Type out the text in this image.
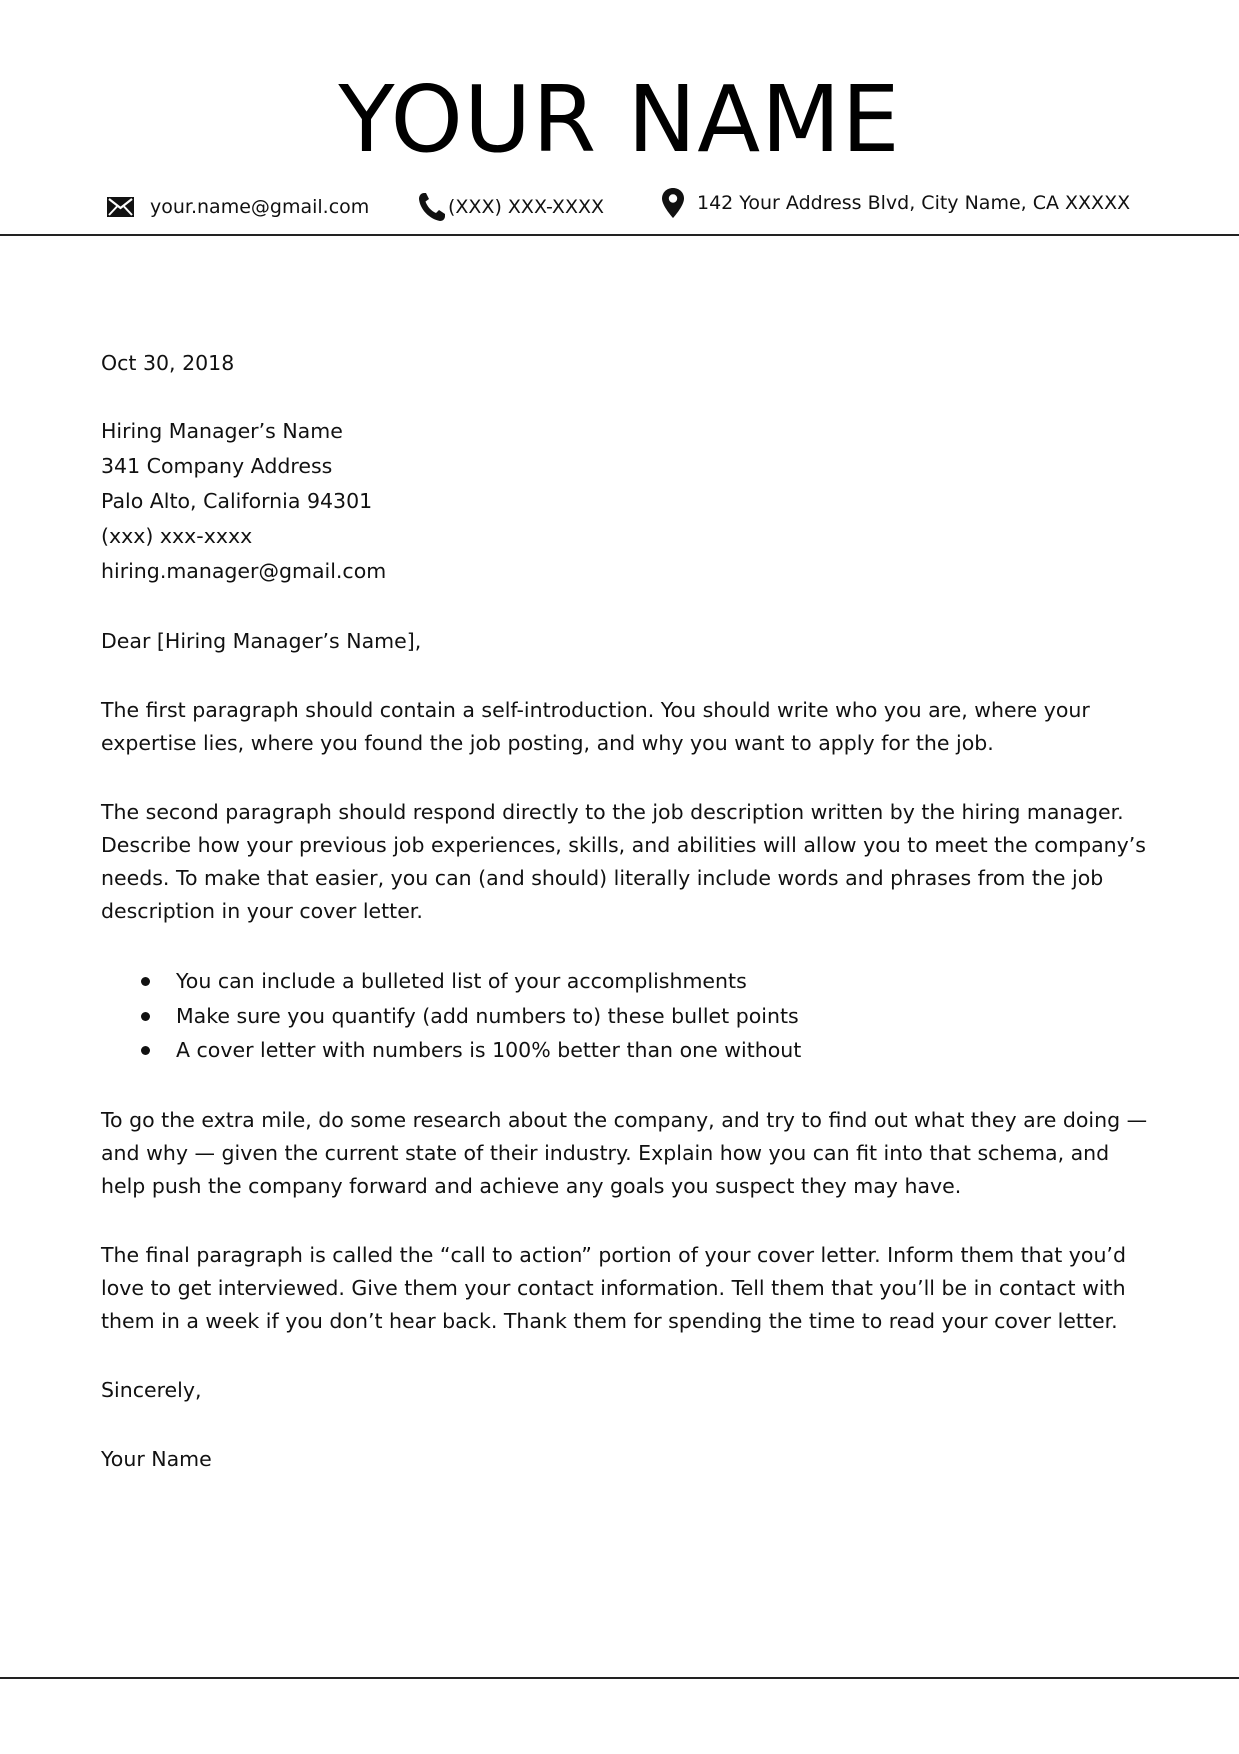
YOUR NAME
your.name@gmail.com	(XXX) XXX-XXXX	142 Your Address Blvd, City Name, CA XXXXX

Oct 30, 2018

Hiring Manager’s Name
341 Company Address
Palo Alto, California 94301
(xxx) xxx-xxxx
hiring.manager@gmail.com

Dear [Hiring Manager’s Name],

The first paragraph should contain a self-introduction. You should write who you are, where your expertise lies, where you found the job posting, and why you want to apply for the job.

The second paragraph should respond directly to the job description written by the hiring manager. Describe how your previous job experiences, skills, and abilities will allow you to meet the company’s needs. To make that easier, you can (and should) literally include words and phrases from the job description in your cover letter.

You can include a bulleted list of your accomplishments
Make sure you quantify (add numbers to) these bullet points
A cover letter with numbers is 100% better than one without

To go the extra mile, do some research about the company, and try to find out what they are doing — and why — given the current state of their industry. Explain how you can fit into that schema, and help push the company forward and achieve any goals you suspect they may have.

The final paragraph is called the “call to action” portion of your cover letter. Inform them that you’d love to get interviewed. Give them your contact information. Tell them that you’ll be in contact with them in a week if you don’t hear back. Thank them for spending the time to read your cover letter.

Sincerely,

Your Name
